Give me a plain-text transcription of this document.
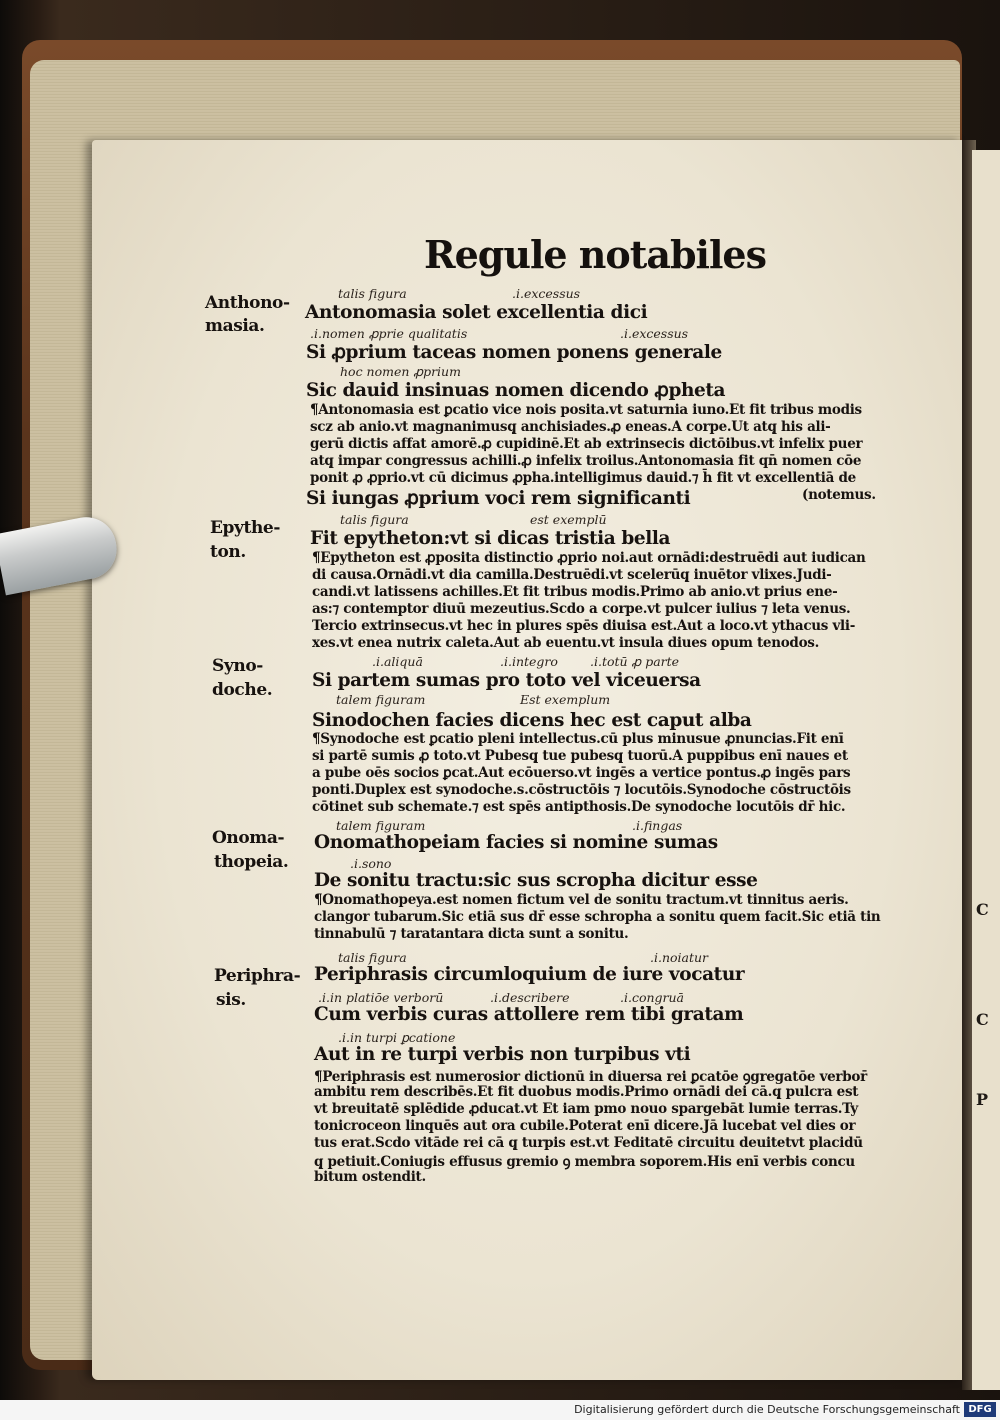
C
C
P
Regule notabiles
Anthono-
masia.
Epythe-
ton.
Syno-
doche.
Onoma-
thopeia.
Periphra-
sis.
talis figura	.i.excessus
.i.nomen ꝓprie qualitatis	.i.excessus
hoc nomen ꝓprium
talis figura	est exemplū
.i.aliquā	.i.integro	.i.totū ꝓ parte
talem figuram	Est exemplum
talem figuram	.i.fingas
.i.sono
talis figura	.i.noiatur
.i.in platiōe verborū	.i.describere	.i.congruā
.i.in turpi ꝑcatione
Antonomasia solet excellentia dici
Si ꝓprium taceas nomen ponens generale
Sic dauid insinuas nomen dicendo ꝓpheta
Si iungas ꝓprium voci rem significanti
Fit epytheton:vt si dicas tristia bella
Si partem sumas pro toto vel viceuersa
Sinodochen facies dicens hec est caput alba
Onomathopeiam facies si nomine sumas
De sonitu tractu:sic sus scropha dicitur esse
Periphrasis circumloquium de iure vocatur
Cum verbis curas attollere rem tibi gratam
Aut in re turpi verbis non turpibus vti
¶Antonomasia est ꝑcatio vice nois posita.vt saturnia iuno.Et fit tribus modis
scz ab anio.vt magnanimusq̨ anchisiades.ꝓ eneas.A corpe.Ut atq̨ his ali-
gerū dictis affat amorē.ꝓ cupidinē.Et ab extrinsecis dictōibus.vt infelix puer
atq̨ impar congressus achilli.ꝓ infelix troilus.Antonomasia fit qn̄ nomen cōe
ponit ꝓ ꝓprio.vt cū dicimus ꝓpha.intelligimus dauid.⁊ h̄ fit vt excellentiā de
(notemus.
¶Epytheton est ꝓposita distinctio ꝓprio noi.aut ornādi:destruēdi aut iudican
di causa.Ornādi.vt dia camilla.Destruēdi.vt scelerūq̨ inuētor vlixes.Judi-
candi.vt latissens achilles.Et fit tribus modis.Primo ab anio.vt prius ene-
as:⁊ contemptor diuū mezeutius.Scdo a corpe.vt pulcer iulius ⁊ leta venus.
Tercio extrinsecus.vt hec in plures spēs diuisa est.Aut a loco.vt ythacus vli-
xes.vt enea nutrix caleta.Aut ab euentu.vt insula diues opum tenodos.
¶Synodoche est ꝑcatio pleni intellectus.cū plus minusue ꝓnuncias.Fit enī
si partē sumis ꝓ toto.vt Pubesq̨ tue pubesq̨ tuorū.A puppibus enī naues et
a pube oēs socios ꝑcat.Aut ecōuerso.vt ingēs a vertice pontus.ꝓ ingēs pars
ponti.Duplex est synodoche.s.cōstructōis ⁊ locutōis.Synodoche cōstructōis
cōtinet sub schemate.⁊ est spēs antipthosis.De synodoche locutōis dr̄ hic.
¶Onomathopeya.est nomen fictum vel de sonitu tractum.vt tinnitus aeris.
clangor tubarum.Sic etiā sus dr̄ esse schropha a sonitu quem facit.Sic etiā tin
tinnabulū ⁊ taratantara dicta sunt a sonitu.
¶Periphrasis est numerosior dictionū in diuersa rei ꝑcatōe ꝯgregatōe verbor̄
ambitu rem describēs.Et fit duobus modis.Primo ornādi dei cā.q̨ pulcra est
vt breuitatē splēdide ꝓducat.vt Et iam pmo nouo spargebāt lumie terras.Ty
tonicroceon linquēs aut ora cubile.Poterat enī dicere.Jā lucebat vel dies or
tus erat.Scdo vitāde rei cā q̨ turpis est.vt Feditatē circuitu deuitetvt placidū
q̨ petiuit.Coniugis effusus gremio ꝯ membra soporem.His enī verbis concu
bitum ostendit.
Digitalisierung gefördert durch die Deutsche Forschungsgemeinschaft DFG
